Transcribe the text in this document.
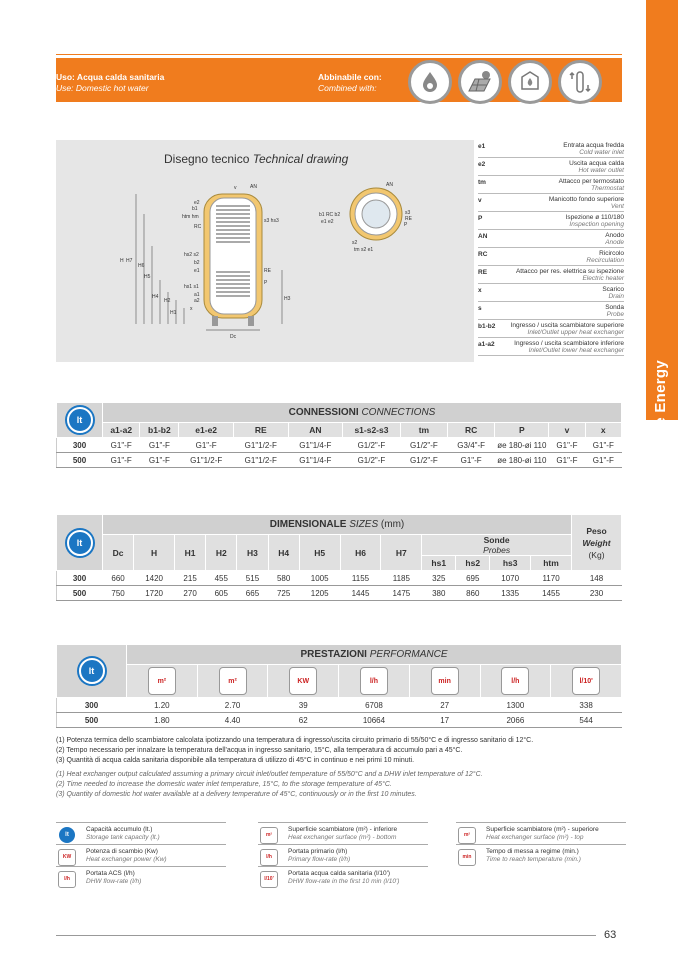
Alternative Energy
Uso: Acqua calda sanitaria
Use: Domestic hot water
Abbinabile con:
Combined with:
Disegno tecnico Technical drawing
H H7
H6
H5
H4
H2
H1
H3
Dc
v	AN
e2
b1
htm hm
RC
hs2 s2
b2
e1
hs1 s1
a1
a2
x
s3 hs3
RE
P
b1 RC b2
e1 e2
s3
RE
P
s2
tm s2 e1
AN
e1	Entrata acqua fredda
Cold water inlet
e2	Uscita acqua calda
Hot water outlet
tm	Attacco per termostato
Thermostat
v	Manicotto fondo superiore
Vent
P	Ispezione ø 110/180
Inspection opening
AN	Anodo
Anode
RC	Ricircolo
Recirculation
RE	Attacco per res. elettrica su ispezione
Electric heater
x	Scarico
Drain
s	Sonda
Probe
b1-b2	Ingresso / uscita scambiatore superiore
Inlet/Outlet upper heat exchanger
a1-a2	Ingresso / uscita scambiatore inferiore
Inlet/Outlet lower heat exchanger
lt	CONNESSIONI CONNECTIONS										
	a1-a2	b1-b2	e1-e2	RE	AN	s1-s2-s3	tm	RC	P	v	x
300	G1"-F	G1"-F	G1"-F	G1"1/2-F	G1"1/4-F	G1/2"-F	G1/2"-F	G3/4"-F	øe 180-øi 110	G1"-F	G1"-F
500	G1"-F	G1"-F	G1"1/2-F	G1"1/2-F	G1"1/4-F	G1/2"-F	G1/2"-F	G1"-F	øe 180-øi 110	G1"-F	G1"-F
lt	DIMENSIONALE SIZES (mm)													Peso
Weight
(Kg)

	Dc	H	H1	H2	H3	H4	H5	H6	H7	Sonde
Probes				

										hs1	hs2	hs3	htm	
300	660	1420	215	455	515	580	1005	1155	1185	325	695	1070	1170	148
500	750	1720	270	605	665	725	1205	1445	1475	380	860	1335	1455	230
lt	PRESTAZIONI PERFORMANCE						

m²	m²	KW	l/h	min	l/h	l/10'

300	1.20	2.70	39	6708	27	1300	338
500	1.80	4.40	62	10664	17	2066	544
(1) Potenza termica dello scambiatore calcolata ipotizzando una temperatura di ingresso/uscita circuito primario di 55/50°C e di ingresso sanitario di 12°C.
(2) Tempo necessario per innalzare la temperatura dell'acqua in ingresso sanitario, 15°C, alla temperatura di accumulo pari a 45°C.
(3) Quantità di acqua calda sanitaria disponibile alla temperatura di utilizzo di 45°C in continuo e nei primi 10 minuti.
(1) Heat exchanger output calculated assuming a primary circuit inlet/outlet temperature of 55/50°C and a DHW inlet temperature of 12°C.
(2) Time needed to increase the domestic water inlet temperature, 15°C, to the storage temperature of 45°C.
(3) Quantity of domestic hot water available at a delivery temperature of 45°C, continuously or in the first 10 minutes.
lt
Capacità accumulo (lt.)
Storage tank capacity (lt.)
KW
Potenza di scambio (Kw)
Heat exchanger power (Kw)
l/h
Portata ACS (l/h)
DHW flow-rate (l/h)
m²
Superficie scambiatore (m²) - inferiore
Heat exchanger surface (m²) - bottom
l/h
Portata primario (l/h)
Primary flow-rate (l/h)
l/10'
Portata acqua calda sanitaria (l/10')
DHW flow-rate in the first 10 min (l/10')
m²
Superficie scambiatore (m²) - superiore
Heat exchanger surface (m²) - top
min
Tempo di messa a regime (min.)
Time to reach temperature (min.)
63
